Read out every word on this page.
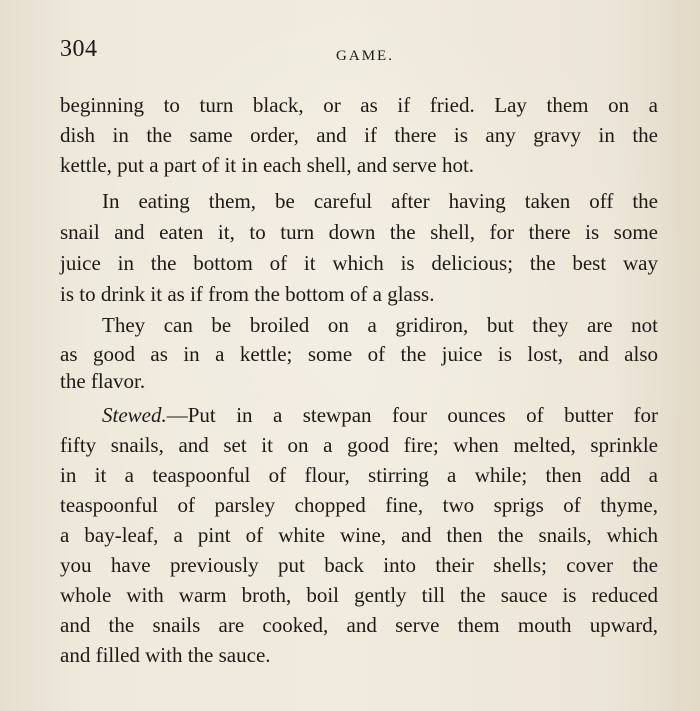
304	GAME.
beginning to turn black, or as if fried. Lay them on a
dish in the same order, and if there is any gravy in the
kettle, put a part of it in each shell, and serve hot.
In eating them, be careful after having taken off the
snail and eaten it, to turn down the shell, for there is some
juice in the bottom of it which is delicious; the best way
is to drink it as if from the bottom of a glass.
They can be broiled on a gridiron, but they are not
as good as in a kettle; some of the juice is lost, and also
the flavor.
Stewed.—Put in a stewpan four ounces of butter for
fifty snails, and set it on a good fire; when melted, sprinkle
in it a teaspoonful of flour, stirring a while; then add a
teaspoonful of parsley chopped fine, two sprigs of thyme,
a bay-leaf, a pint of white wine, and then the snails, which
you have previously put back into their shells; cover the
whole with warm broth, boil gently till the sauce is reduced
and the snails are cooked, and serve them mouth upward,
and filled with the sauce.
